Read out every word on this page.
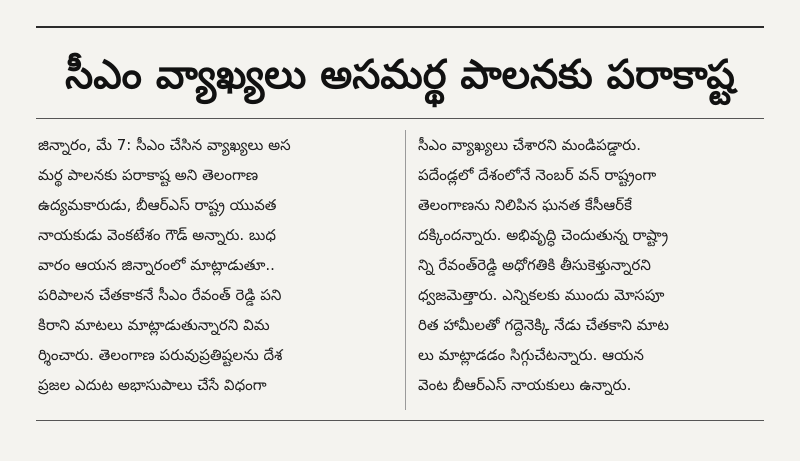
సీఎం వ్యాఖ్యలు అసమర్థ పాలనకు పరాకాష్ట
జిన్నారం, మే 7: సీఎం చేసిన వ్యాఖ్యలు అస
మర్థ పాలనకు పరాకాష్ట అని తెలంగాణ
ఉద్యమకారుడు, బీఆర్ఎస్ రాష్ట్ర యువత
నాయకుడు వెంకటేశం గౌడ్ అన్నారు. బుధ
వారం ఆయన జిన్నారంలో మాట్లాడుతూ..
పరిపాలన చేతకాకనే సీఎం రేవంత్ రెడ్డి పని
కిరాని మాటలు మాట్లాడుతున్నారని విమ
ర్శించారు. తెలంగాణ పరువుప్రతిష్టలను దేశ
ప్రజల ఎదుట అభాసుపాలు చేసే విధంగా
సీఎం వ్యాఖ్యలు చేశారని మండిపడ్డారు.
పదేండ్లలో దేశంలోనే నెంబర్ వన్ రాష్ట్రంగా
తెలంగాణను నిలిపిన ఘనత కేసీఆర్‌కే
దక్కిందన్నారు. అభివృద్ధి చెందుతున్న రాష్ట్రా
న్ని రేవంత్‌రెడ్డి అధోగతికి తీసుకెళ్తున్నారని
ధ్వజమెత్తారు. ఎన్నికలకు ముందు మోసపూ
రిత హామీలతో గద్దెనెక్కి నేడు చేతకాని మాట
లు మాట్లాడడం సిగ్గుచేటన్నారు. ఆయన
వెంట బీఆర్ఎస్ నాయకులు ఉన్నారు.
